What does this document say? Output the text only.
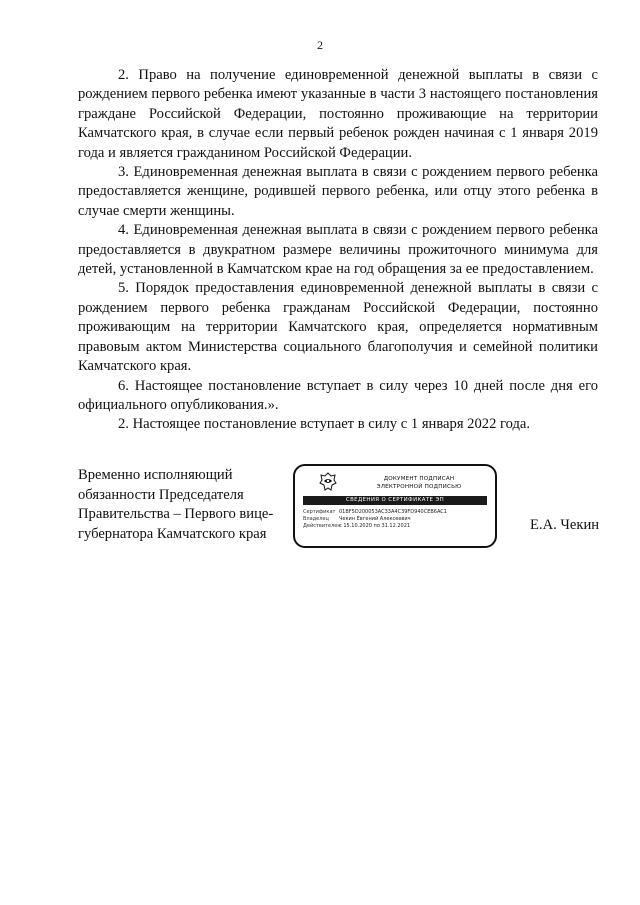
2

2. Право на получение единовременной денежной выплаты в связи с рождением первого ребенка имеют указанные в части 3 настоящего постановления граждане Российской Федерации, постоянно проживающие на территории Камчатского края, в случае если первый ребенок рожден начиная с 1 января 2019 года и является гражданином Российской Федерации.

3. Единовременная денежная выплата в связи с рождением первого ребенка предоставляется женщине, родившей первого ребенка, или отцу этого ребенка в случае смерти женщины.

4. Единовременная денежная выплата в связи с рождением первого ребенка предоставляется в двукратном размере величины прожиточного минимума для детей, установленной в Камчатском крае на год обращения за ее предоставлением.

5. Порядок предоставления единовременной денежной выплаты в связи с рождением первого ребенка гражданам Российской Федерации, постоянно проживающим на территории Камчатского края, определяется нормативным правовым актом Министерства социального благополучия и семейной политики Камчатского края.

6. Настоящее постановление вступает в силу через 10 дней после дня его официального опубликования.».

2. Настоящее постановление вступает в силу с 1 января 2022 года.

Временно исполняющий
обязанности Председателя
Правительства – Первого вице-
губернатора Камчатского края
ДОКУМЕНТ ПОДПИСАН
ЭЛЕКТРОННОЙ ПОДПИСЬЮ
СВЕДЕНИЯ О СЕРТИФИКАТЕ ЭП
Сертификат 01BF5D200053AC33A4C39FD940CEB6AC1
Владелец Чекин Евгений Алексеевич
Действителенс 15.10.2020 по 31.12.2021	Е.А. Чекин
